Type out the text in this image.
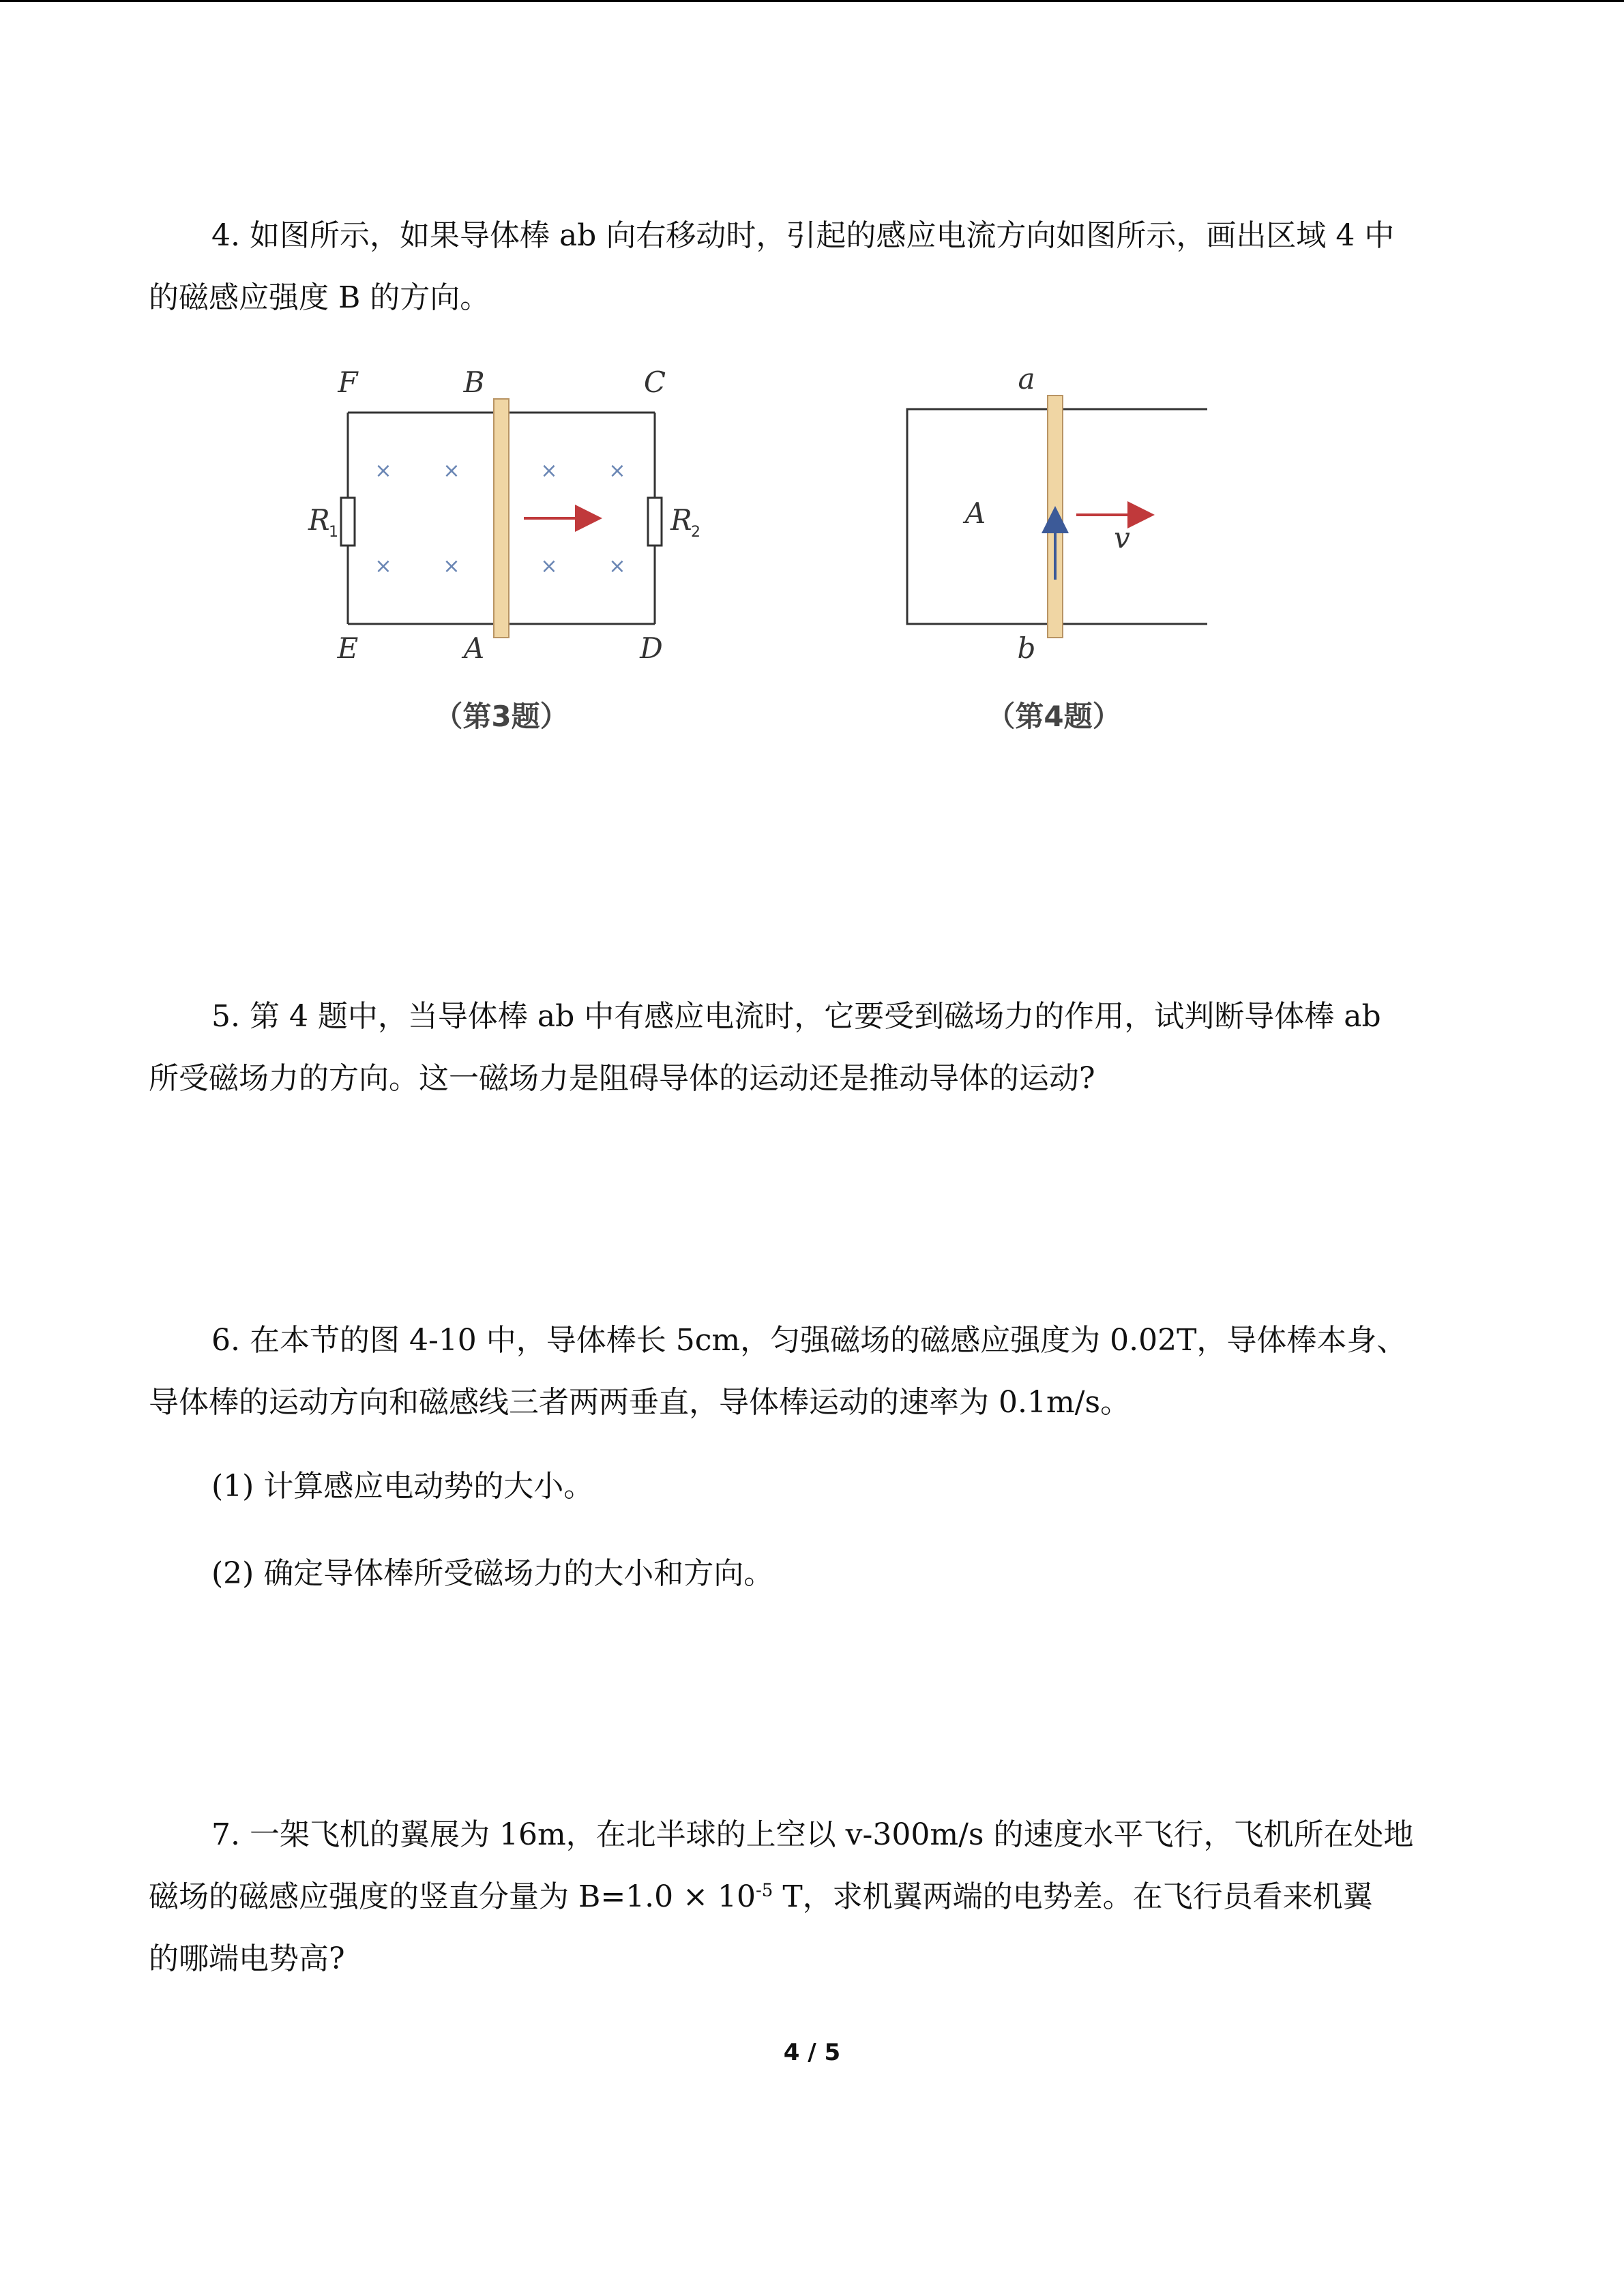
4. 如图所示，如果导体棒 ab 向右移动时，引起的感应电流方向如图所示，画出区域 4 中
的磁感应强度 B 的方向。
× ×	× ×
× ×	× ×
F	B	C
E	A	D
R
1	R
2
（第3题）
a
b
A
v
（第4题）
5. 第 4 题中，当导体棒 ab 中有感应电流时，它要受到磁场力的作用，试判断导体棒 ab
所受磁场力的方向。这一磁场力是阻碍导体的运动还是推动导体的运动?
6. 在本节的图 4-10 中，导体棒长 5cm，匀强磁场的磁感应强度为 0.02T，导体棒本身、
导体棒的运动方向和磁感线三者两两垂直，导体棒运动的速率为 0.1m/s。
(1) 计算感应电动势的大小。
(2) 确定导体棒所受磁场力的大小和方向。
7. 一架飞机的翼展为 16m，在北半球的上空以 v-300m/s 的速度水平飞行，飞机所在处地
磁场的磁感应强度的竖直分量为 $B=1.0 \times 10^{-5}$ T，求机翼两端的电势差。在飞行员看来机翼
的哪端电势高?
4 / 5
